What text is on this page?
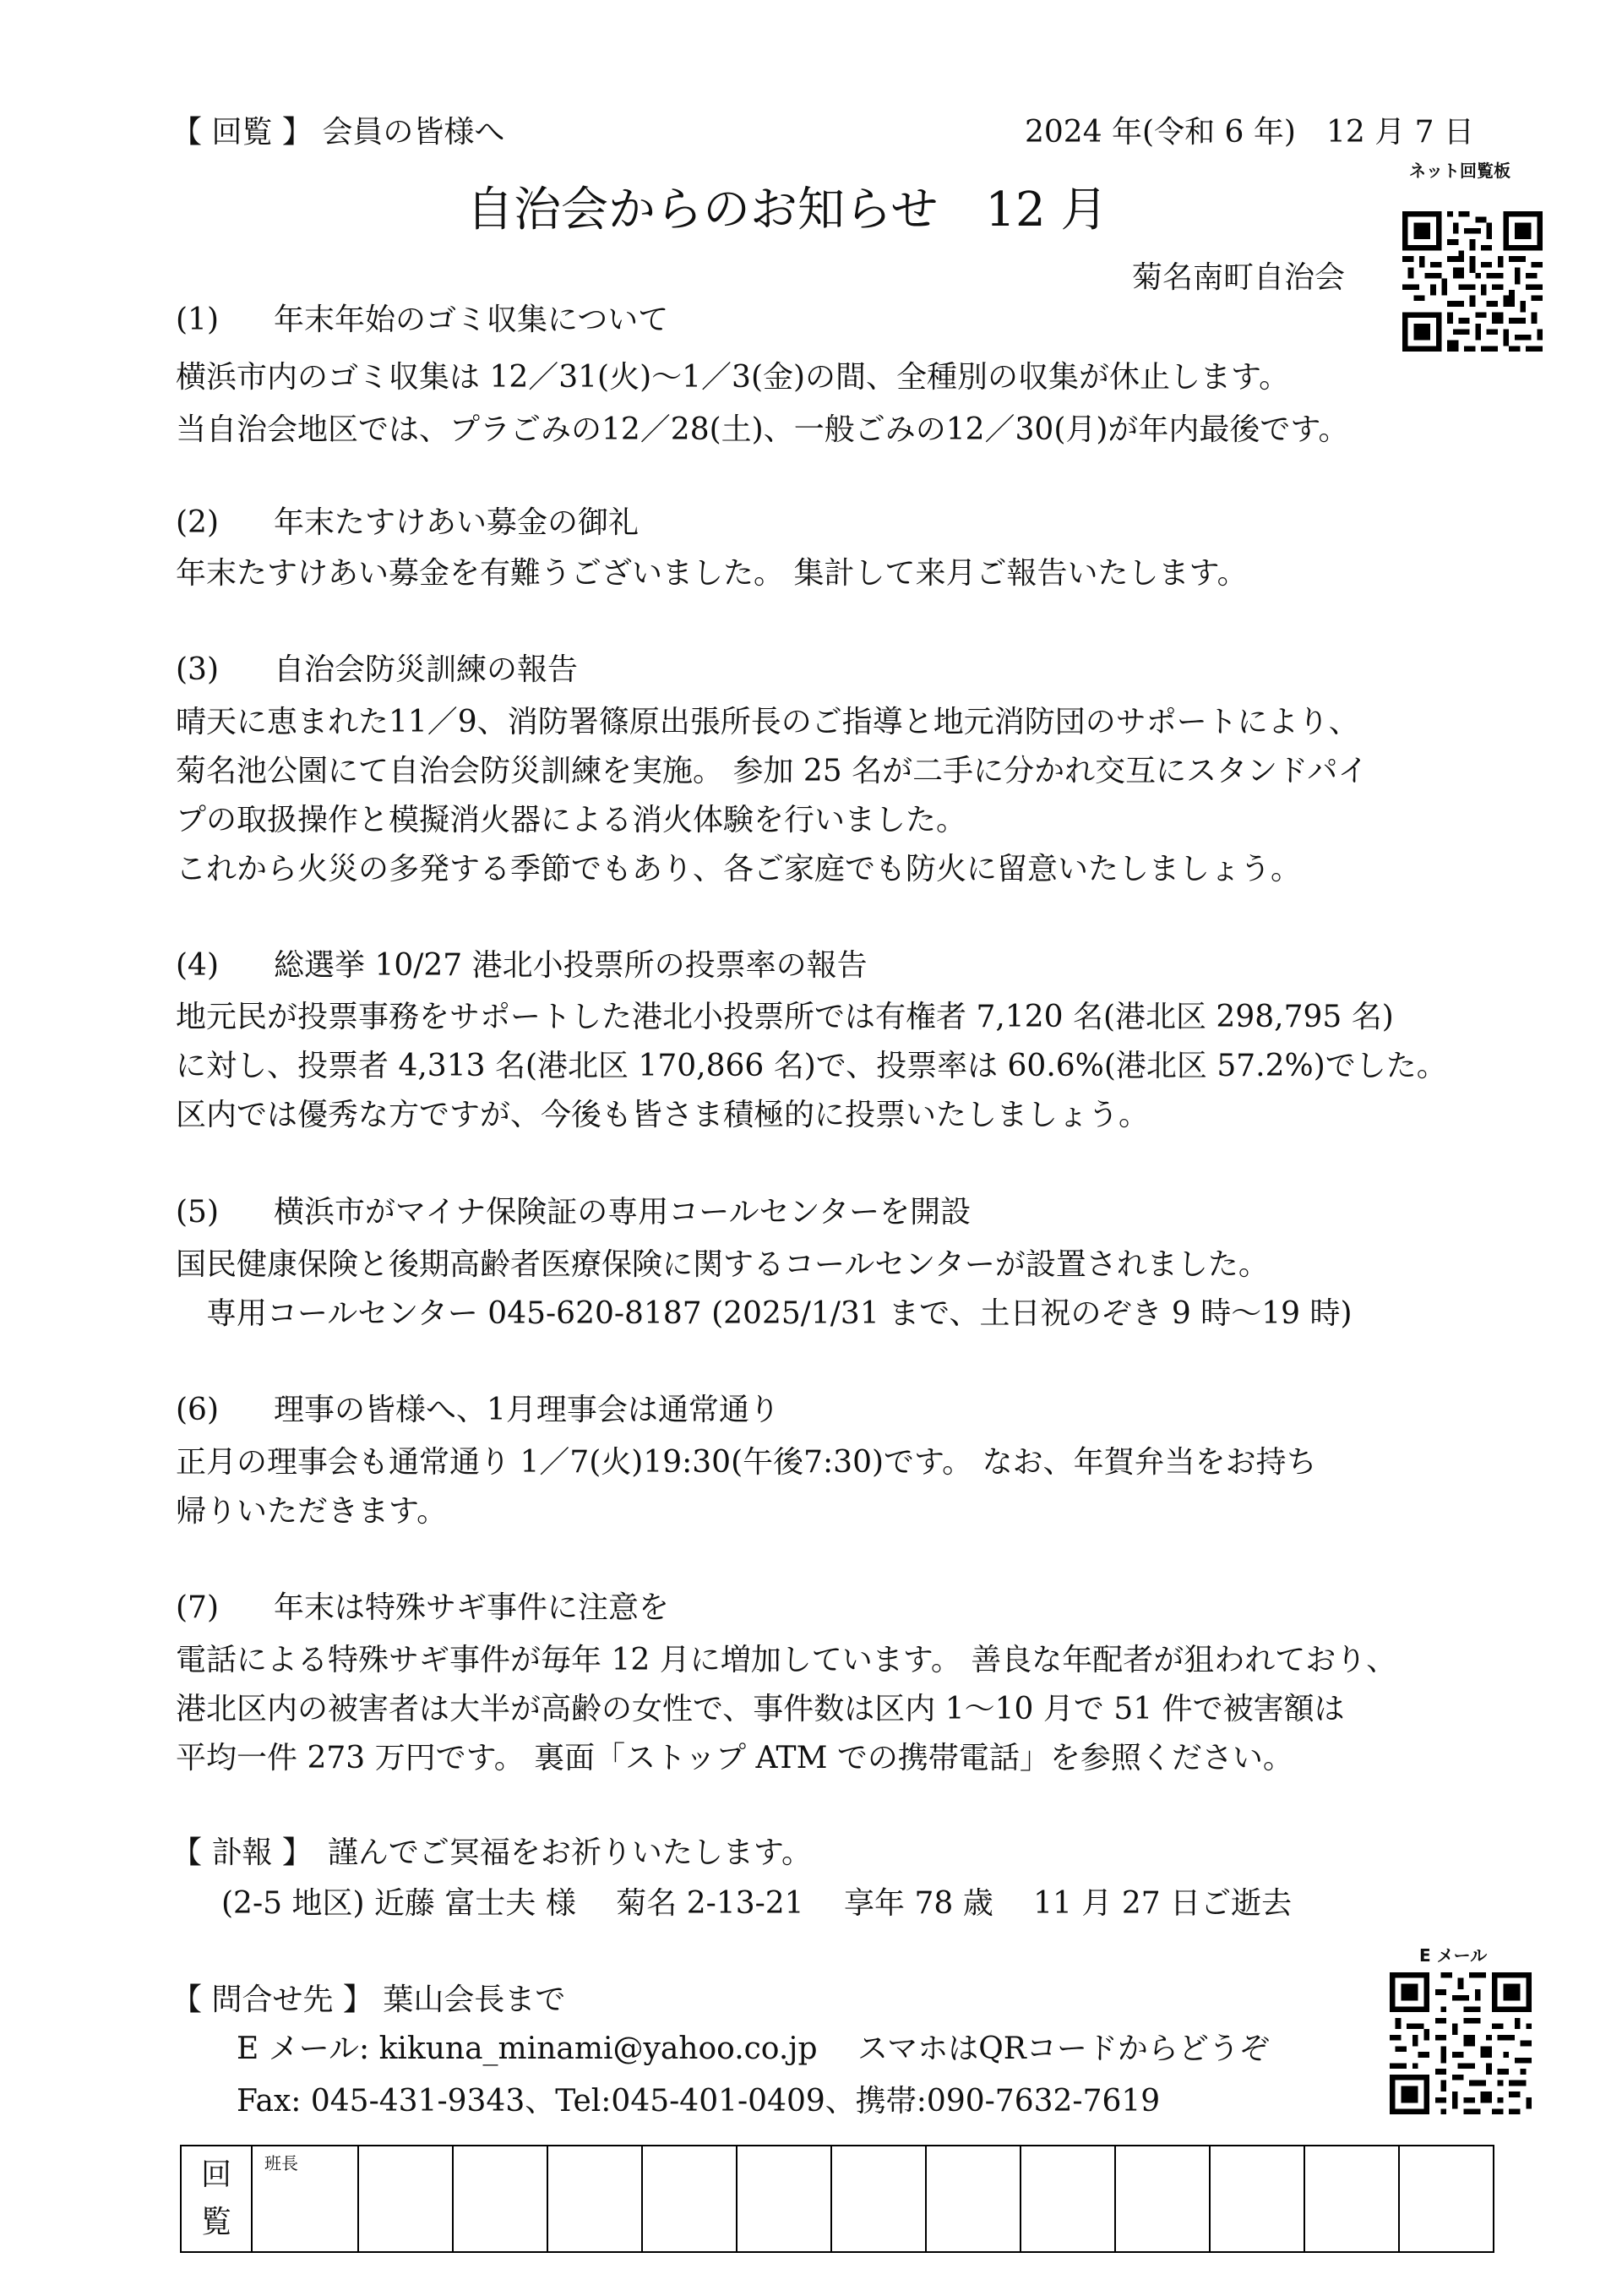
【 回覧 】 会員の皆様へ	2024 年(令和 6 年)　12 月 7 日
ネット回覧板
自治会からのお知らせ　12 月
菊名南町自治会
(1) 年末年始のゴミ収集について
横浜市内のゴミ収集は 12／31(火)～1／3(金)の間、全種別の収集が休止します。
当自治会地区では、プラごみの12／28(土)、一般ごみの12／30(月)が年内最後です。
(2) 年末たすけあい募金の御礼
年末たすけあい募金を有難うございました。 集計して来月ご報告いたします。
(3) 自治会防災訓練の報告
晴天に恵まれた11／9、消防署篠原出張所長のご指導と地元消防団のサポートにより、
菊名池公園にて自治会防災訓練を実施。 参加 25 名が二手に分かれ交互にスタンドパイ
プの取扱操作と模擬消火器による消火体験を行いました。
これから火災の多発する季節でもあり、各ご家庭でも防火に留意いたしましょう。
(4) 総選挙 10/27 港北小投票所の投票率の報告
地元民が投票事務をサポートした港北小投票所では有権者 7,120 名(港北区 298,795 名)
に対し、投票者 4,313 名(港北区 170,866 名)で、投票率は 60.6%(港北区 57.2%)でした。
区内では優秀な方ですが、今後も皆さま積極的に投票いたしましょう。
(5) 横浜市がマイナ保険証の専用コールセンターを開設
国民健康保険と後期高齢者医療保険に関するコールセンターが設置されました。
　専用コールセンター 045-620-8187 (2025/1/31 まで、土日祝のぞき 9 時～19 時)
(6) 理事の皆様へ、1月理事会は通常通り
正月の理事会も通常通り 1／7(火)19:30(午後7:30)です。 なお、年賀弁当をお持ち
帰りいただきます。
(7) 年末は特殊サギ事件に注意を
電話による特殊サギ事件が毎年 12 月に増加しています。 善良な年配者が狙われており、
港北区内の被害者は大半が高齢の女性で、事件数は区内 1～10 月で 51 件で被害額は
平均一件 273 万円です。 裏面「ストップ ATM での携帯電話」を参照ください。
【 訃報 】　謹んでご冥福をお祈りいたします。
(2-5 地区) 近藤 富士夫 様　 菊名 2-13-21　 享年 78 歳　 11 月 27 日ご逝去
E メール
【 問合せ先 】 葉山会長まで
E メール: kikuna_minami@yahoo.co.jp　 スマホはQRコードからどうぞ
Fax: 045-431-9343、Tel:045-401-0409、携帯:090-7632-7619
回
覧
	班長												
